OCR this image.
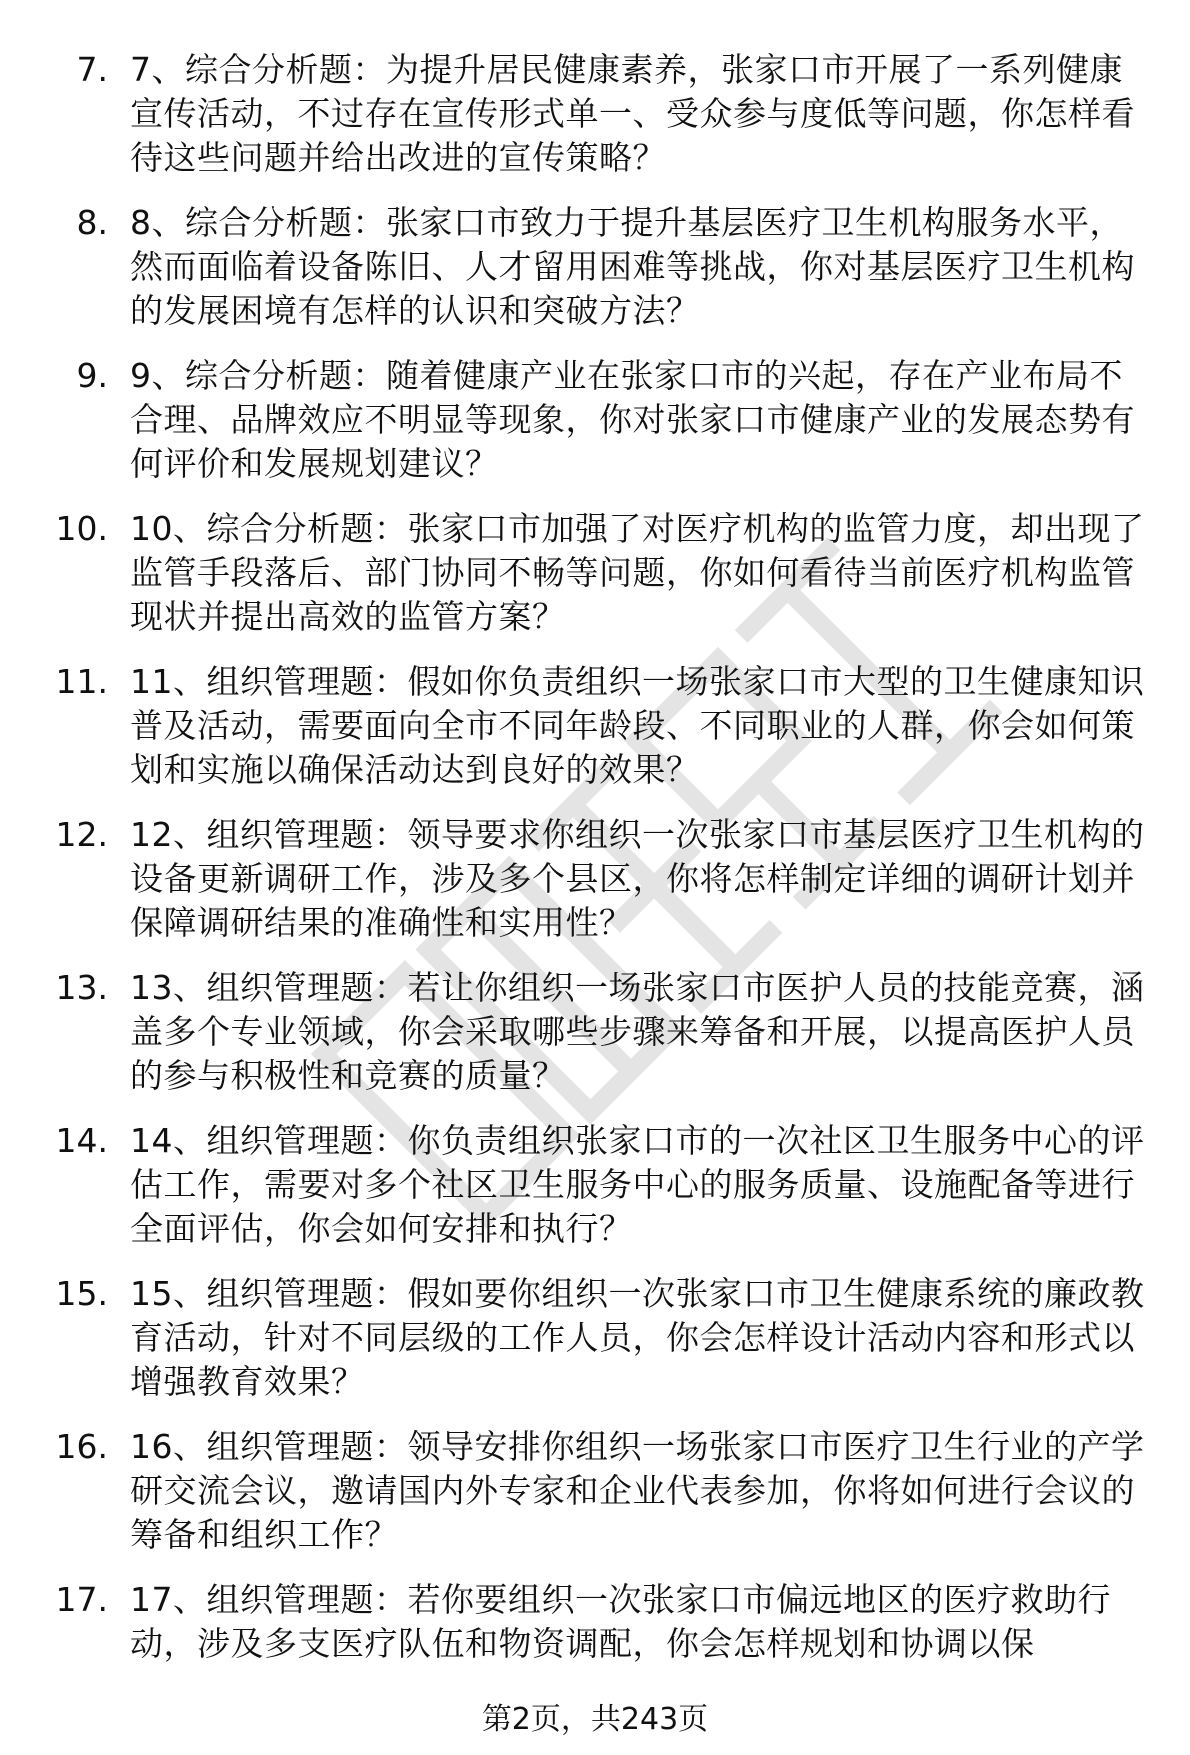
7. 7、综合分析题：为提升居民健康素养，张家口市开展了一系列健康宣传活动，不过存在宣传形式单一、受众参与度低等问题，你怎样看待这些问题并给出改进的宣传策略？
8. 8、综合分析题：张家口市致力于提升基层医疗卫生机构服务水平，然而面临着设备陈旧、人才留用困难等挑战，你对基层医疗卫生机构的发展困境有怎样的认识和突破方法？
9. 9、综合分析题：随着健康产业在张家口市的兴起，存在产业布局不合理、品牌效应不明显等现象，你对张家口市健康产业的发展态势有何评价和发展规划建议？
10. 10、综合分析题：张家口市加强了对医疗机构的监管力度，却出现了监管手段落后、部门协同不畅等问题，你如何看待当前医疗机构监管现状并提出高效的监管方案？
11. 11、组织管理题：假如你负责组织一场张家口市大型的卫生健康知识普及活动，需要面向全市不同年龄段、不同职业的人群，你会如何策划和实施以确保活动达到良好的效果？
12. 12、组织管理题：领导要求你组织一次张家口市基层医疗卫生机构的设备更新调研工作，涉及多个县区，你将怎样制定详细的调研计划并保障调研结果的准确性和实用性？
13. 13、组织管理题：若让你组织一场张家口市医护人员的技能竞赛，涵盖多个专业领域，你会采取哪些步骤来筹备和开展，以提高医护人员的参与积极性和竞赛的质量？
14. 14、组织管理题：你负责组织张家口市的一次社区卫生服务中心的评估工作，需要对多个社区卫生服务中心的服务质量、设施配备等进行全面评估，你会如何安排和执行？
15. 15、组织管理题：假如要你组织一次张家口市卫生健康系统的廉政教育活动，针对不同层级的工作人员，你会怎样设计活动内容和形式以增强教育效果？
16. 16、组织管理题：领导安排你组织一场张家口市医疗卫生行业的产学研交流会议，邀请国内外专家和企业代表参加，你将如何进行会议的筹备和组织工作？
17. 17、组织管理题：若你要组织一次张家口市偏远地区的医疗救助行动，涉及多支医疗队伍和物资调配，你会怎样规划和协调以保
第2页，共243页
